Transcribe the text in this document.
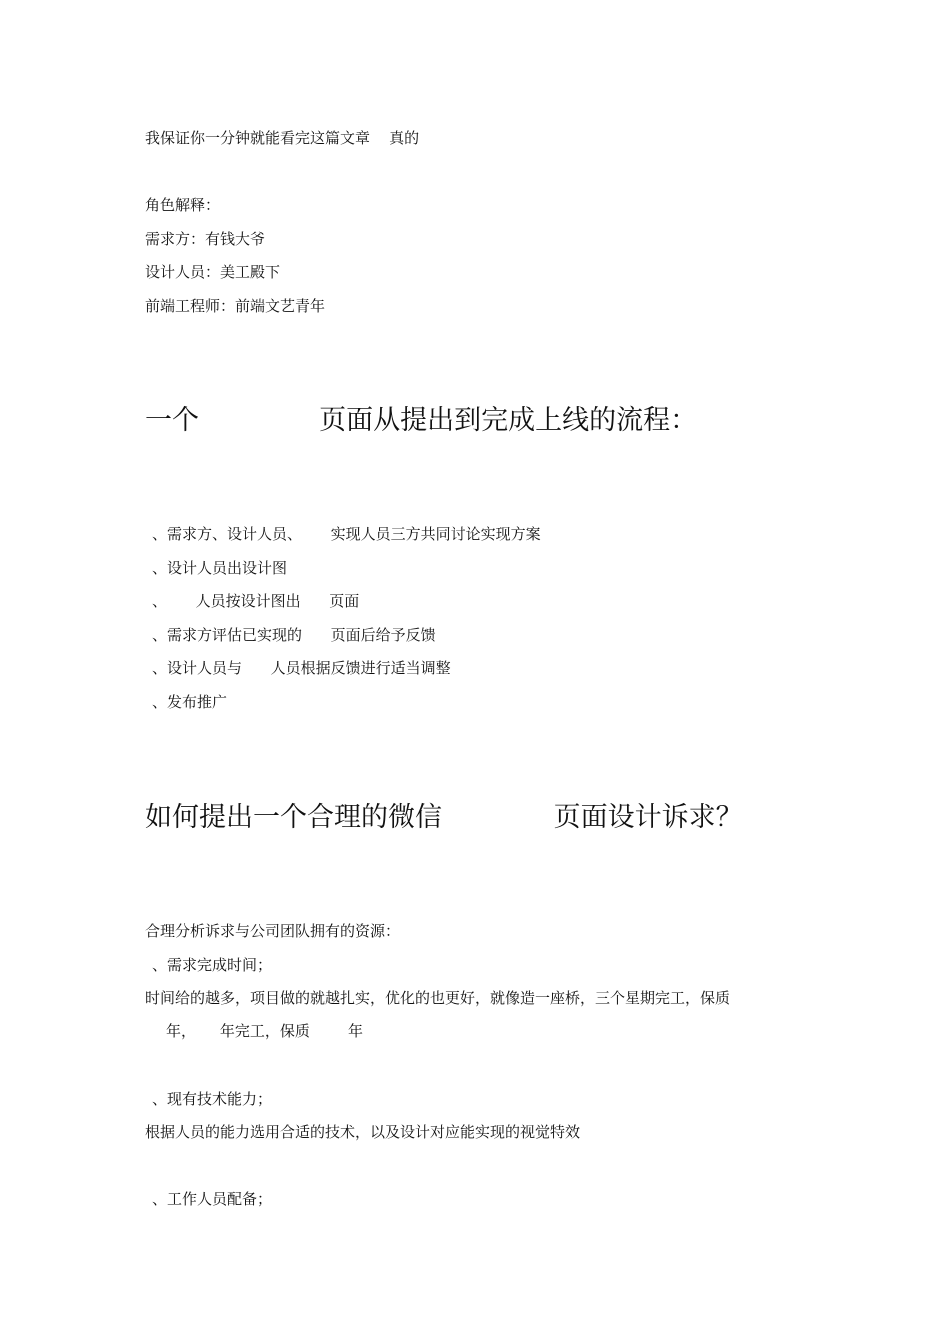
我保证你一分钟就能看完这篇文章    真的

角色解释：

需求方：有钱大爷

设计人员：美工殿下

前端工程师：前端文艺青年

一个              页面从提出到完成上线的流程：

、需求方、设计人员、      实现人员三方共同讨论实现方案

、设计人员出设计图

、      人员按设计图出      页面

、需求方评估已实现的      页面后给予反馈

、设计人员与      人员根据反馈进行适当调整

、发布推广

如何提出一个合理的微信             页面设计诉求？

合理分析诉求与公司团队拥有的资源：

、需求完成时间；

时间给的越多，项目做的就越扎实，优化的也更好，就像造一座桥，三个星期完工，保质

年，     年完工，保质        年

、现有技术能力；

根据人员的能力选用合适的技术，以及设计对应能实现的视觉特效

、工作人员配备；
